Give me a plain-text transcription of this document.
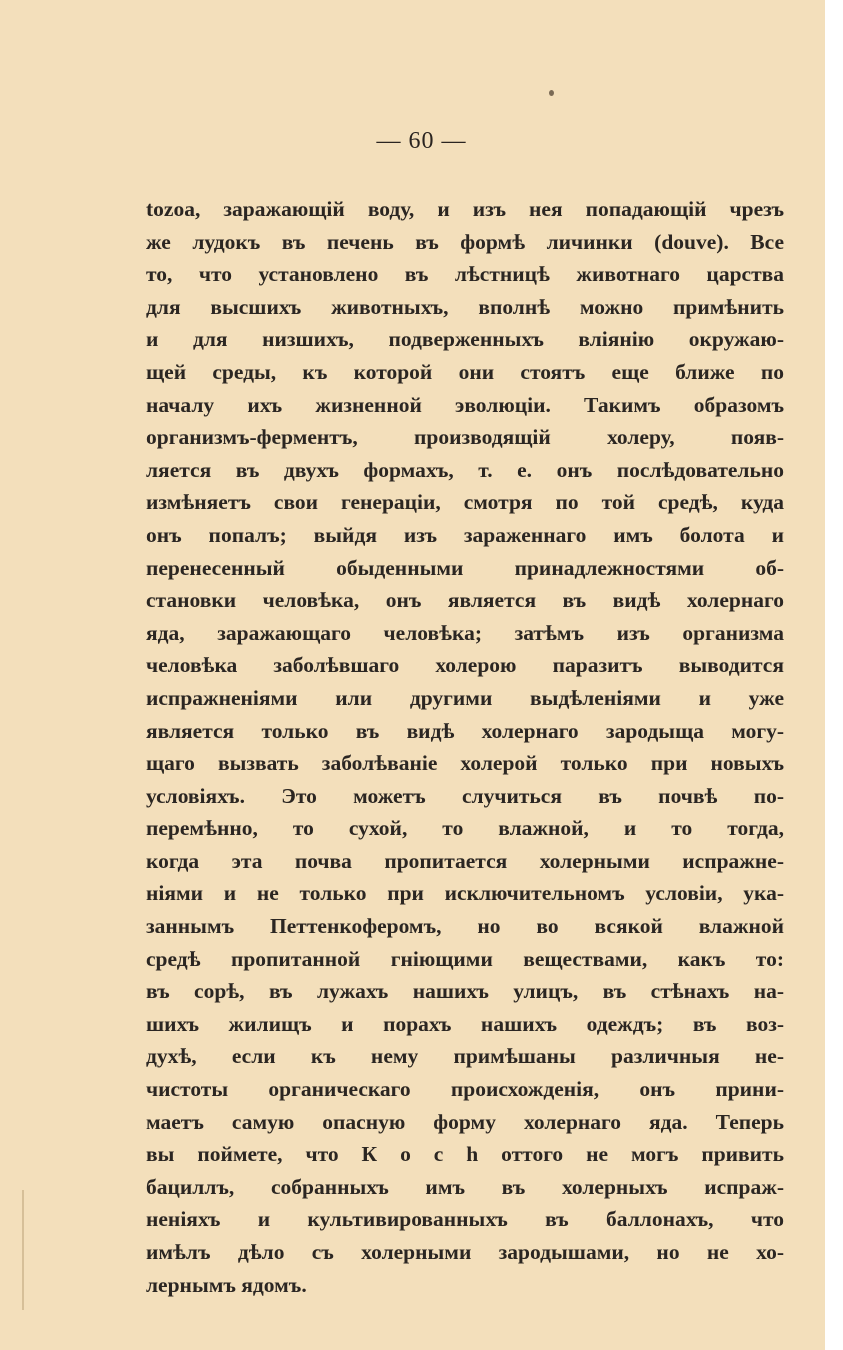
— 60 —
tozoa, заражающій воду, и изъ нея попадающій чрезъ
же лудокъ въ печень въ формѣ личинки (douve). Все
то, что установлено въ лѣстницѣ животнаго царства
для высшихъ животныхъ, вполнѣ можно примѣнить
и для низшихъ, подверженныхъ вліянію окружаю-
щей среды, къ которой они стоятъ еще ближе по
началу ихъ жизненной эволюціи. Такимъ образомъ
организмъ-ферментъ, производящій холеру, появ-
ляется въ двухъ формахъ, т. е. онъ послѣдовательно
измѣняетъ свои генераціи, смотря по той средѣ, куда
онъ попалъ; выйдя изъ зараженнаго имъ болота и
перенесенный обыденными принадлежностями об-
становки человѣка, онъ является въ видѣ холернаго
яда, заражающаго человѣка; затѣмъ изъ организма
человѣка заболѣвшаго холерою паразитъ выводится
испражненіями или другими выдѣленіями и уже
является только въ видѣ холернаго зародыща могу-
щаго вызвать заболѣваніе холерой только при новыхъ
условіяхъ. Это можетъ случиться въ почвѣ по-
перемѣнно, то сухой, то влажной, и то тогда,
когда эта почва пропитается холерными испражне-
ніями и не только при исключительномъ условіи, ука-
заннымъ Петтенкоферомъ, но во всякой влажной
средѣ пропитанной гніющими веществами, какъ то:
въ сорѣ, въ лужахъ нашихъ улицъ, въ стѣнахъ на-
шихъ жилищъ и порахъ нашихъ одеждъ; въ воз-
духѣ, если къ нему примѣшаны различныя не-
чистоты органическаго происхожденія, онъ прини-
маетъ самую опасную форму холернаго яда. Теперь
вы поймете, что К о с h оттого не могъ привить
бациллъ, собранныхъ имъ въ холерныхъ испраж-
неніяхъ и культивированныхъ въ баллонахъ, что
имѣлъ дѣло съ холерными зародышами, но не хо-
лернымъ ядомъ.
